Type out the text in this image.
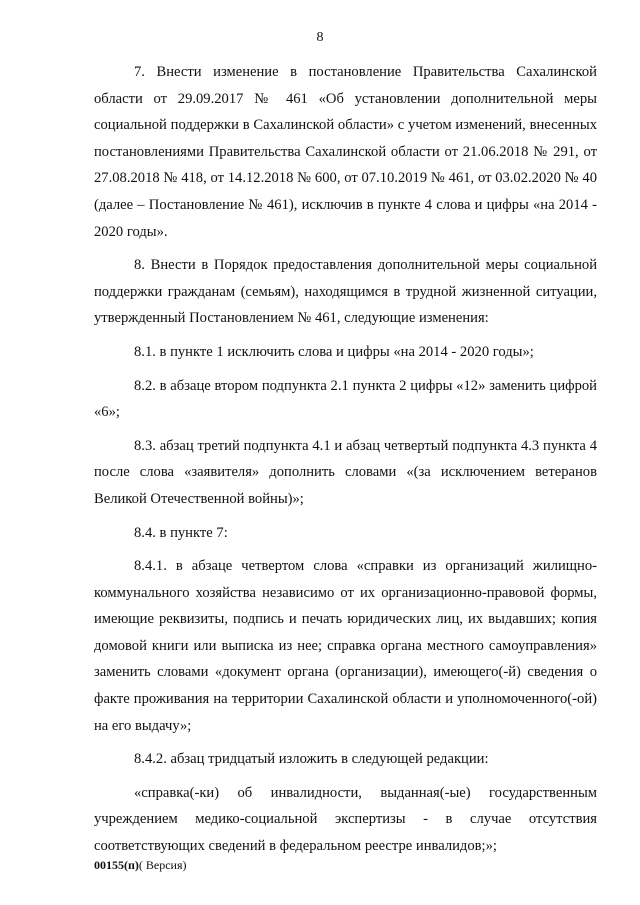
8

7. Внести изменение в постановление Правительства Сахалинской области от 29.09.2017 № 461 «Об установлении дополнительной меры социальной поддержки в Сахалинской области» с учетом изменений, внесенных постановлениями Правительства Сахалинской области от 21.06.2018 № 291, от 27.08.2018 № 418, от 14.12.2018 № 600, от 07.10.2019 № 461, от 03.02.2020 № 40 (далее – Постановление № 461), исключив в пункте 4 слова и цифры «на 2014 - 2020 годы».

8. Внести в Порядок предоставления дополнительной меры социальной поддержки гражданам (семьям), находящимся в трудной жизненной ситуации, утвержденный Постановлением № 461, следующие изменения:

8.1. в пункте 1 исключить слова и цифры «на 2014 - 2020 годы»;

8.2. в абзаце втором подпункта 2.1 пункта 2 цифры «12» заменить цифрой «6»;

8.3. абзац третий подпункта 4.1 и абзац четвертый подпункта 4.3 пункта 4 после слова «заявителя» дополнить словами «(за исключением ветеранов Великой Отечественной войны)»;

8.4. в пункте 7:

8.4.1. в абзаце четвертом слова «справки из организаций жилищно-коммунального хозяйства независимо от их организационно-правовой формы, имеющие реквизиты, подпись и печать юридических лиц, их выдавших; копия домовой книги или выписка из нее; справка органа местного самоуправления» заменить словами «документ органа (организации), имеющего(-й) сведения о факте проживания на территории Сахалинской области и уполномоченного(-ой) на его выдачу»;

8.4.2. абзац тридцатый изложить в следующей редакции:

«справка(-ки) об инвалидности, выданная(-ые) государственным учреждением медико-социальной экспертизы - в случае отсутствия соответствующих сведений в федеральном реестре инвалидов;»;

00155(п)( Версия)
